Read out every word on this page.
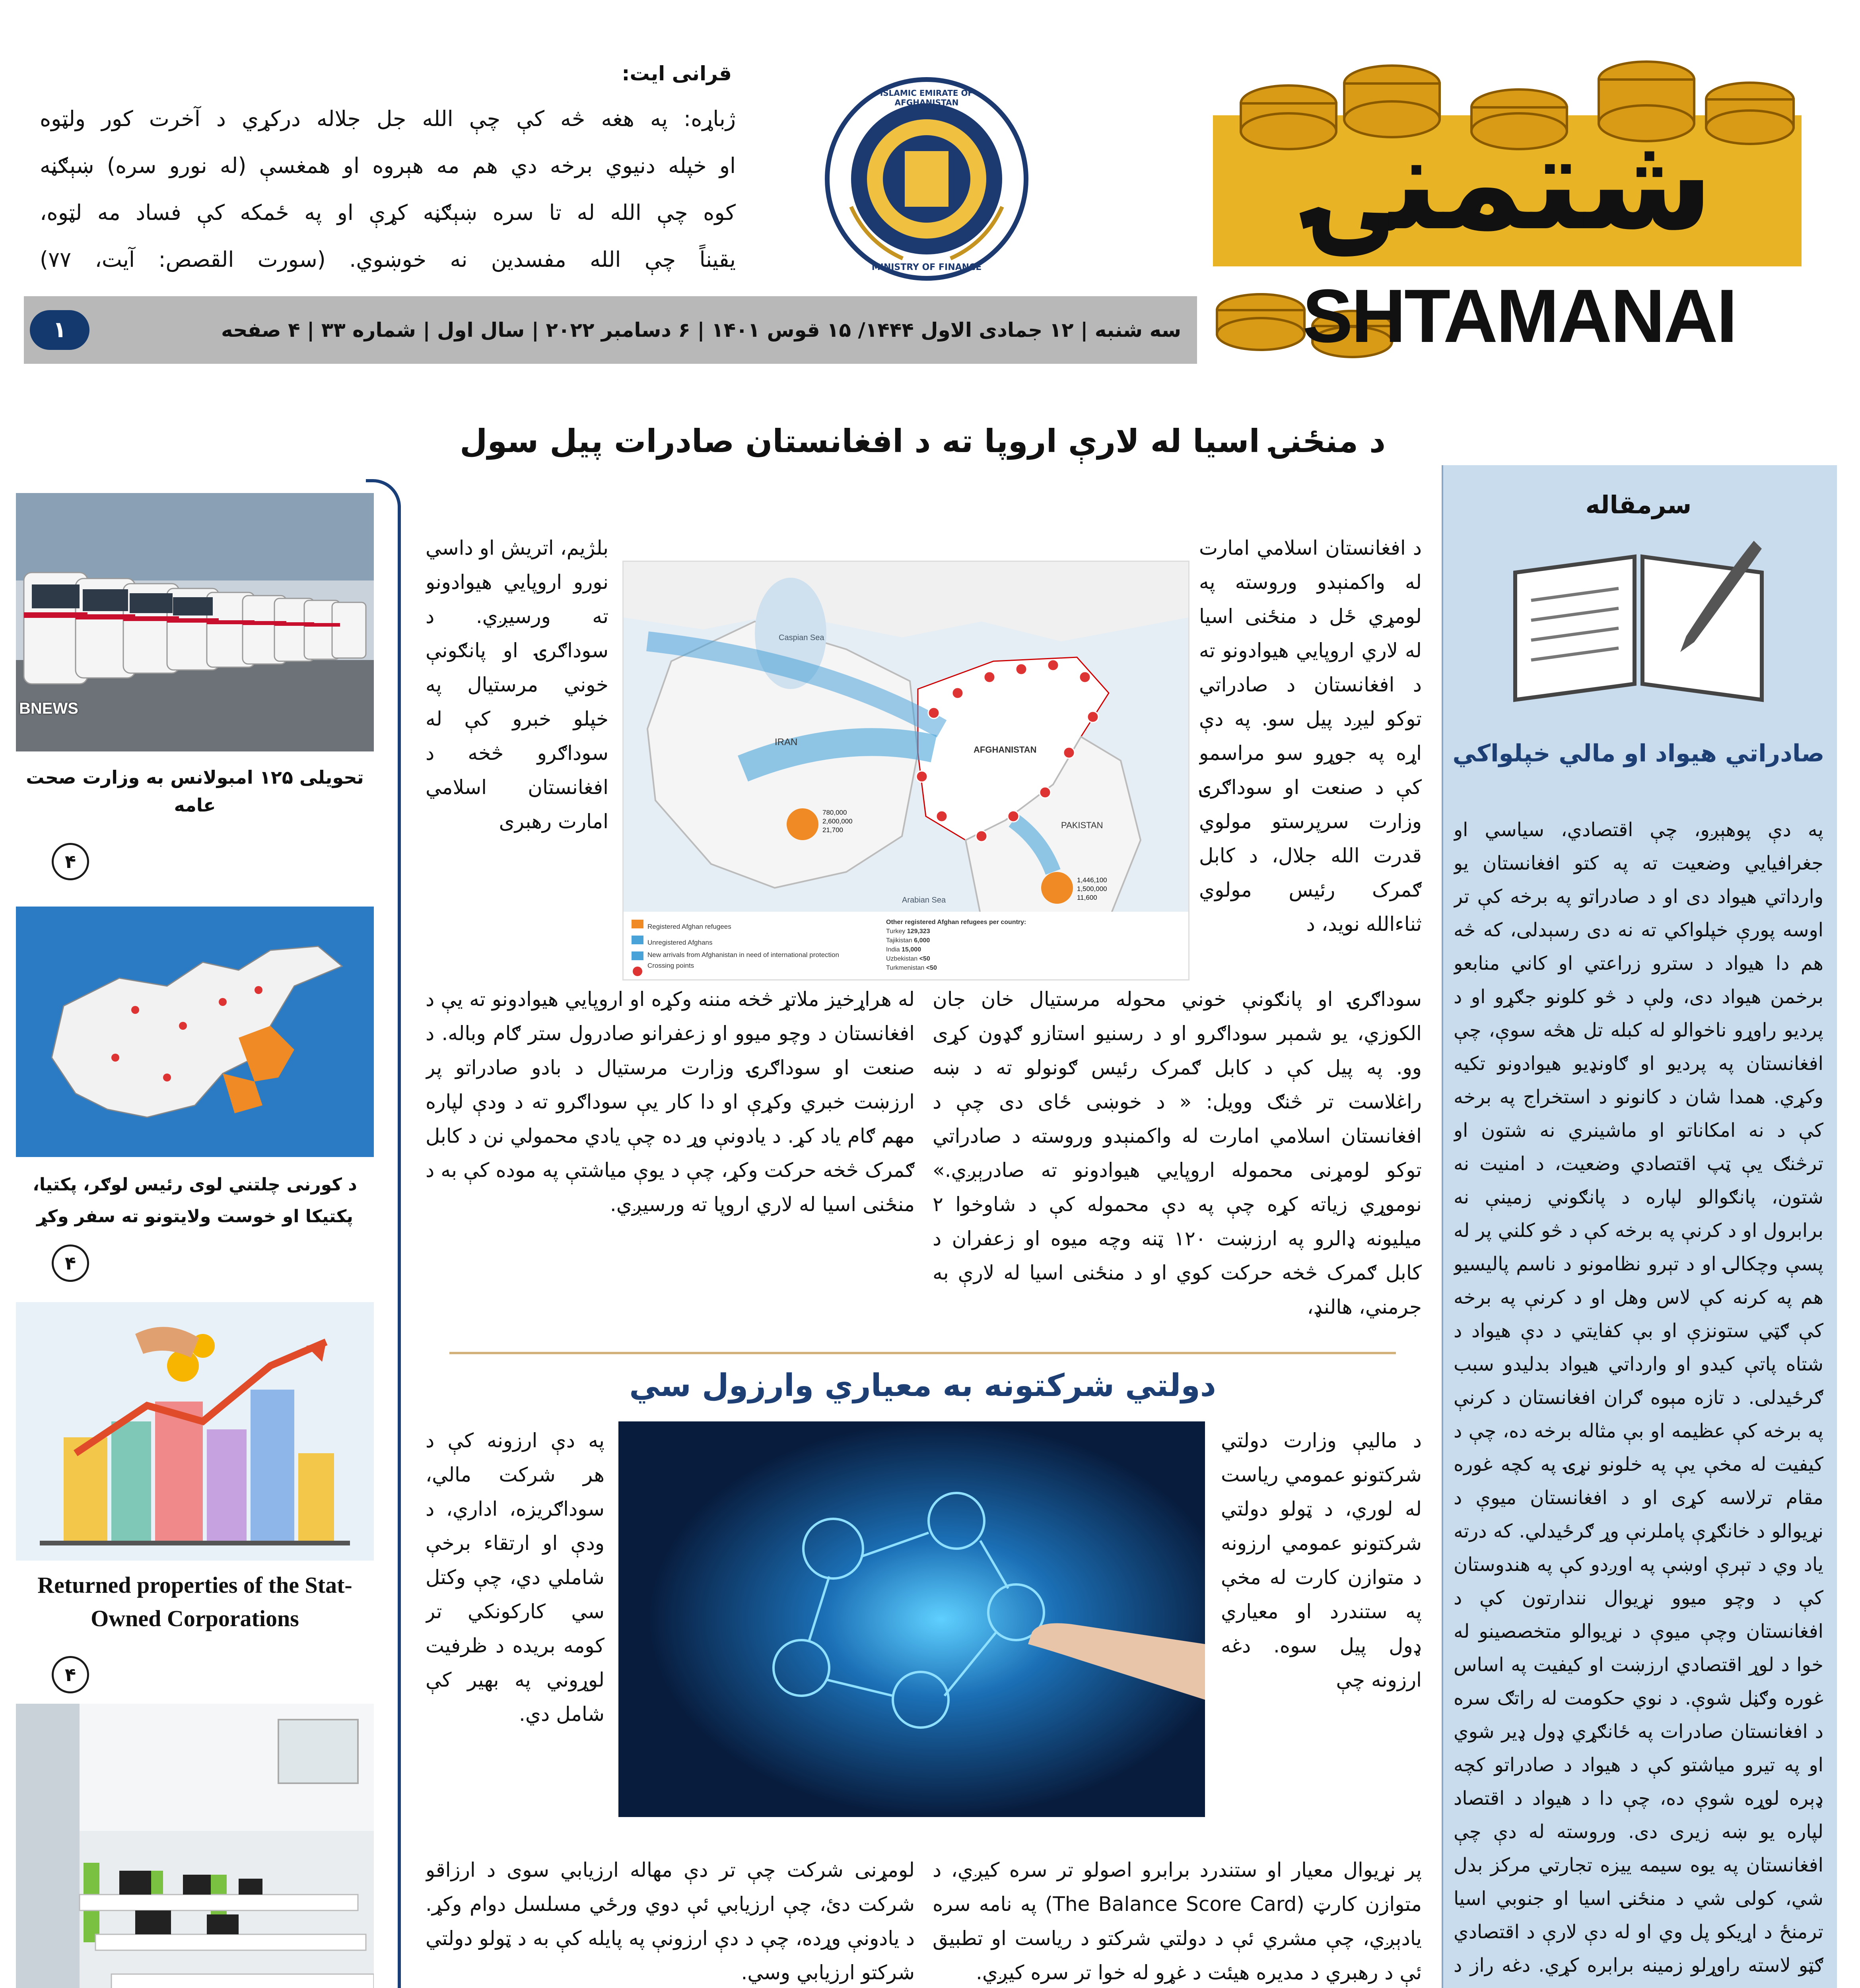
شتمنۍ
SHTAMANAI
ISLAMIC EMIRATE OF AFGHANISTAN
MINISTRY OF FINANCE
قرانی ایت:
ژباړه: په هغه څه کې چې الله جل جلاله درکړي د آخرت کور ولټوه
او خپله دنیوي برخه دي هم مه هېروه او همغسې (له نورو سره) ښېګڼه
کوه چې الله له تا سره ښېګڼه کړې او په ځمکه کې فساد مه لټوه،
یقیناً چې الله مفسدین نه خوښوي. (سورت القصص: آیت، ۷۷)
سه شنبه | ۱۲ جمادی الاول ۱۴۴۴/ ۱۵ قوس ۱۴۰۱ | ۶ دسامبر ۲۰۲۲ | سال اول | شماره ۳۳ | ۴ صفحه
۱
BNEWS
تحویلی ۱۲۵ امبولانس به وزارت صحت عامه
۴
د کورنی چلتني لوی رئیس لوګر، پکتیا، پکتیکا او خوست ولایتونو ته سفر وکړ
۴
Returned properties of the Stat-Owned Corporations
۴
سرمقاله
صادراتي هیواد او مالي خپلواکي
په دې پوهېږو، چې اقتصادي، سیاسي او جغرافیایي وضعیت ته په کتو افغانستان یو وارداتي هیواد دی او د صادراتو په برخه کې تر اوسه پورې خپلواکي ته نه دی رسېدلی، که څه هم دا هیواد د سترو زراعتي او کاني منابعو برخمن هیواد دی، ولې د څو کلونو جګړو او د پردیو راوړو ناخوالو له کبله تل هڅه سوې، چې افغانستان په پردیو او ګاونډیو هیوادونو تکیه وکړي. همدا شان د کانونو د استخراج په برخه کې د نه امکاناتو او ماشینري نه شتون او ترڅنګ یې ټپ اقتصادي وضعیت، د امنیت نه شتون، پانګوالو لپاره د پانګوني زمینې نه برابرول او د کرنې په برخه کې د څو کلني پر له پسې وچکالۍ او د تېرو نظامونو د ناسم پالیسیو هم په کرنه کې لاس وهل او د کرنې په برخه کې ګټي ستونزې او بې کفایتي د دې هیواد د شتاه پاتې کیدو او وارداتي هیواد بدلیدو سبب ګرځیدلی. د تازه مېوه ګران افغانستان د کرنې په برخه کې عظیمه او بې مثاله برخه ده، چې د کیفیت له مخې یې په خلونو نړۍ په کچه غوره مقام ترلاسه کړی او د افغانستان میوې د نړیوالو د خانګړې پاملرنې وړ ګرځیدلي. که درته یاد وي د تېرې اوښې په اوږدو کې په هندوستان کې د وچو میوو نړیوال نندارتون کې د افغانستان وچې میوې د نړیوالو متخصصینو له خوا د لوړ اقتصادي ارزښت او کیفیت په اساس غوره وګڼل شوې. د نوي حکومت له راتګ سره د افغانستان صادرات په ځانګړي ډول ډیر شوي او په تیرو میاشتو کې د هیواد د صادراتو کچه ډېره لوړه شوې ده، چې دا د هیواد د اقتصاد لپاره یو ښه زیری دی. وروسته له دې چې افغانستان په یوه سیمه ییزه تجارتي مرکز بدل شي، کولی شي د منځنۍ اسیا او جنوبي اسیا ترمنځ د اړیکو پل وي او له دې لارې د اقتصادي ګټو لاسته راوړلو زمینه برابره کړي. دغه راز د
د منځنۍ اسیا له لارې اروپا ته د افغانستان صادرات پیل سول
د افغانستان اسلامي امارت له واکمنېدو وروسته په لومړي ځل د منځنی اسیا له لاري اروپایي هیوادونو ته د افغانستان د صادراتي توکو لیږد پیل سو. په دې اړه په جوړو سو مراسمو کې د صنعت او سوداګرۍ وزارت سرپرستو مولوي قدرت الله جلال، د کابل ګمرک رئیس مولوي ثناءالله نوید، د
بلژیم، اتریش او داسي نورو اروپایي هیوادونو ته ورسیږي. د سوداګرۍ او پانګونې خوني مرستیال په خپلو خبرو کې له سوداګرو څخه د افغانستان اسلامي امارت رهبری
Caspian Sea
IRAN
AFGHANISTAN
PAKISTAN
Arabian Sea
780,000
2,600,000
21,700
1,446,100
1,500,000
11,600
Registered Afghan refugees
Unregistered Afghans
New arrivals from Afghanistan in need of international protection
Crossing points
Other registered Afghan refugees per country:
Turkey 129,323
Tajikistan 6,000
India 15,000
Uzbekistan <50
Turkmenistan <50
سوداګرۍ او پانګونې خوني محوله مرستیال خان جان الکوزي، یو شمېر سوداګرو او د رسنیو استازو ګډون کړی وو. په پیل کې د کابل ګمرک رئیس ګونولو ته د ښه راغلاست تر څنګ وویل: « د خوښی ځای دی چې د افغانستان اسلامي امارت له واکمنېدو وروسته د صادراتي توکو لومړنی محموله اروپایي هیوادونو ته صادرېږي.» نوموړي زیاته کړه چې په دې محموله کې د شاوخوا ۲ میلیونه ډالرو په ارزښت ۱۲۰ ټنه وچه میوه او زعفران د کابل ګمرک څخه حرکت کوي او د منځنی اسیا له لارې به جرمني، هالنډ،
له هراړخیز ملاتړ څخه مننه وکړه او اروپایي هیوادونو ته یې د افغانستان د وچو میوو او زعفرانو صادرول ستر ګام وباله. د صنعت او سوداګرۍ وزارت مرستیال د بادو صادراتو پر ارزښت خبري وکړې او دا کار یې سوداګرو ته د ودې لپاره مهم ګام یاد کړ. د یادونې وړ ده چې یادي محمولي نن د کابل ګمرک څخه حرکت وکړ، چې د یوې میاشتې په موده کې به د منځنی اسیا له لاري اروپا ته ورسیږي.
دولتي شرکتونه به معیاري وارزول سي
د مالیې وزارت دولتي شرکتونو عمومي ریاست له لوري، د ټولو دولتي شرکتونو عمومي ارزونه د متوازن کارت له مخې په ستندرد او معیاري ډول پیل سوه. دغه ارزونه چې
په دې ارزونه کې د هر شرکت مالي، سوداګریزه، اداري، د ودې او ارتقاء برخې شاملي دي، چې وکتل سي کارکونکي تر کومه بریده د ظرفیت لوړوني په بهیر کې شامل دي.
پر نړیوال معیار او ستندرد برابرو اصولو تر سره کیږي، د متوازن کارټ (The Balance Score Card) په نامه سره یادېږي، چې مشري ئې د دولتي شرکتو د ریاست او تطبیق ئې د رهبري د مدیره هیئت د غړو له خوا تر سره کیږي.
لومړنی شرکت چې تر دې مهاله ارزیابي سوی د ارزاقو شرکت دئ، چې ارزیابي ئې دوي ورځي مسلسل دوام وکړ. د یادونې وړده، چې د دې ارزونې په پایله کې به د ټولو دولتي شرکتو ارزیابي وسي.
